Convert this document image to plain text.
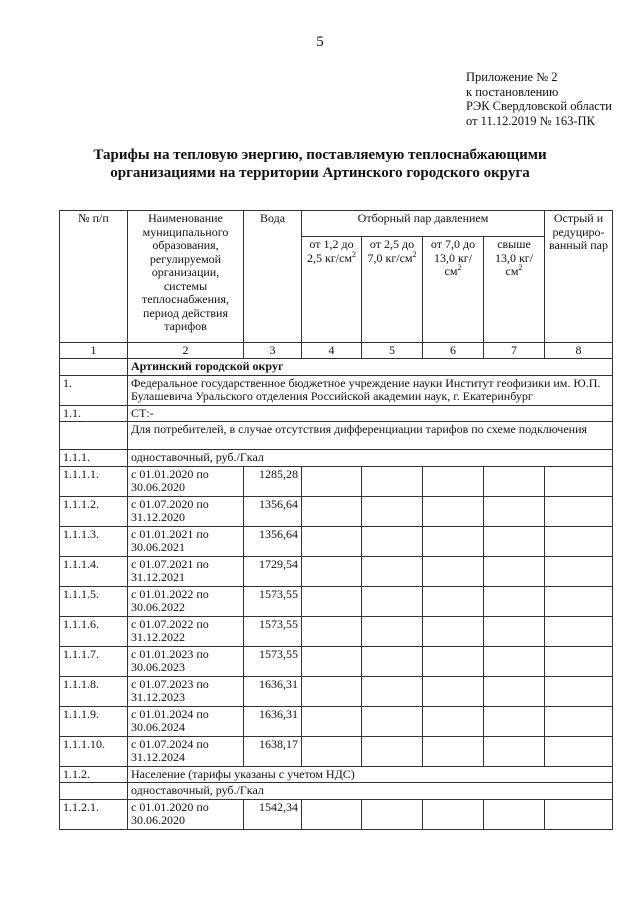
5
Приложение № 2
к постановлению
РЭК Свердловской области
от 11.12.2019 № 163-ПК
Тарифы на тепловую энергию, поставляемую теплоснабжающими
организациями на территории Артинского городского округа
№ п/п	Наименование муниципального образования, регулируемой организации, системы теплоснабжения, период действия тарифов	Вода	Отборный пар давлением				Острый и редуциро-ванный пар
			от 1,2 до 2,5 $кг/см^2$	от 2,5 до 7,0 $кг/см^2$	от 7,0 до 13,0 $кг/см^2$	свыше 13,0 $кг/см^2$
1	2	3	4	5	6	7	8
	Артинский городской округ						
1.	Федеральное государственное бюджетное учреждение науки Институт геофизики им. Ю.П. Булашевича Уральского отделения Российской академии наук, г. Екатеринбург						
1.1.	СТ:-						
	Для потребителей, в случае отсутствия дифференциации тарифов по схеме подключения						
1.1.1.	одноставочный, руб./Гкал						
1.1.1.1.	с 01.01.2020 по 30.06.2020	1285,28					
1.1.1.2.	с 01.07.2020 по 31.12.2020	1356,64					
1.1.1.3.	с 01.01.2021 по 30.06.2021	1356,64					
1.1.1.4.	с 01.07.2021 по 31.12.2021	1729,54					
1.1.1.5.	с 01.01.2022 по 30.06.2022	1573,55					
1.1.1.6.	с 01.07.2022 по 31.12.2022	1573,55					
1.1.1.7.	с 01.01.2023 по 30.06.2023	1573,55					
1.1.1.8.	с 01.07.2023 по 31.12.2023	1636,31					
1.1.1.9.	с 01.01.2024 по 30.06.2024	1636,31					
1.1.1.10.	с 01.07.2024 по 31.12.2024	1638,17					
1.1.2.	Население (тарифы указаны с учетом НДС)						
	одноставочный, руб./Гкал						
1.1.2.1.	с 01.01.2020 по 30.06.2020	1542,34					
